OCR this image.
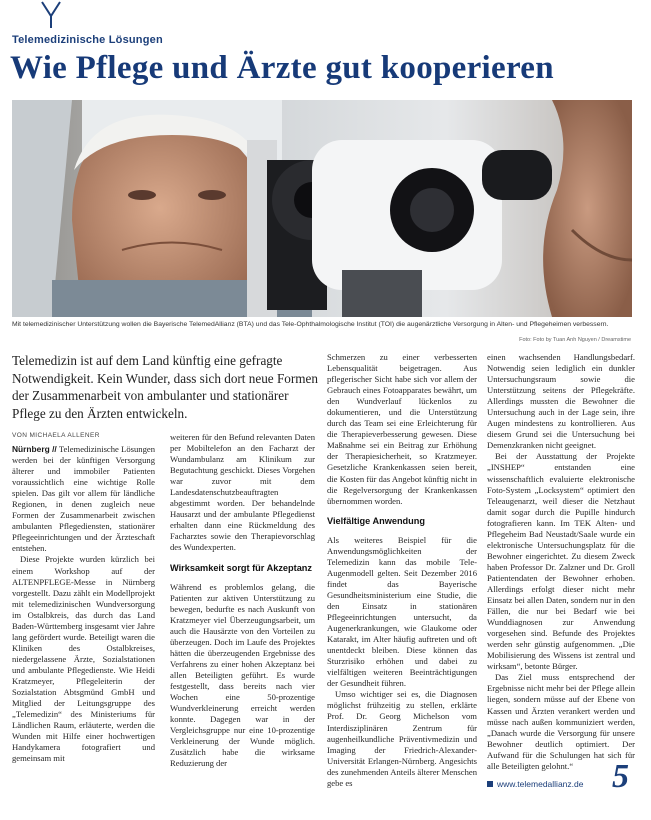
Telemedizinische Lösungen
Wie Pflege und Ärzte gut kooperieren
Mit telemedizinischer Unterstützung wollen die Bayerische TelemedAllianz (BTA) und das Tele-Ophthalmologische Institut (TOI) die augenärztliche Versorgung in Alten- und Pflegeheimen verbessern.
Foto: Foto by Tuan Anh Nguyen / Dreamstime
Telemedizin ist auf dem Land künftig eine gefragte Notwendigkeit. Kein Wunder, dass sich dort neue Formen der Zusammenarbeit von ambulanter und stationärer Pflege zu den Ärzten entwickeln.
VON MICHAELA ALLENER

Nürnberg // Telemedizinische Lösungen werden bei der künftigen Versorgung älterer und immobiler Patienten voraussichtlich eine wichtige Rolle spielen. Das gilt vor allem für ländliche Regionen, in denen zugleich neue Formen der Zusammenarbeit zwischen ambulanten Pflegediensten, stationärer Pflegeeinrichtungen und der Ärzteschaft entstehen.

Diese Projekte wurden kürzlich bei einem Workshop auf der ALTENPFLEGE-Messe in Nürnberg vorgestellt. Dazu zählt ein Modellprojekt mit telemedizinischen Wundversorgung im Ostalbkreis, das durch das Land Baden-Württemberg insgesamt vier Jahre lang gefördert wurde. Beteiligt waren die Kliniken des Ostalbkreises, niedergelassene Ärzte, Sozialstationen und ambulante Pflegedienste. Wie Heidi Kratzmeyer, Pflegeleiterin der Sozialstation Abtsgmünd GmbH und Mitglied der Leitungsgruppe des „Telemedizin“ des Ministeriums für Ländlichen Raum, erläuterte, werden die Wunden mit Hilfe einer hochwertigen Handykamera fotografiert und gemeinsam mit

weiteren für den Befund relevanten Daten per Mobiltelefon an den Facharzt der Wundambulanz am Klinikum zur Begutachtung geschickt. Dieses Vorgehen war zuvor mit dem Landesdatenschutzbeauftragten abgestimmt worden. Der behandelnde Hausarzt und der ambulante Pflegedienst erhalten dann eine Rückmeldung des Facharztes sowie den Therapievorschlag des Wundexperten.

Wirksamkeit sorgt für Akzeptanz

Während es problemlos gelang, die Patienten zur aktiven Unterstützung zu bewegen, bedurfte es nach Auskunft von Kratzmeyer viel Überzeugungsarbeit, um auch die Hausärzte von den Vorteilen zu überzeugen. Doch im Laufe des Projektes hätten die überzeugenden Ergebnisse des Verfahrens zu einer hohen Akzeptanz bei allen Beteiligten geführt. Es wurde festgestellt, dass bereits nach vier Wochen eine 50-prozentige Wundverkleinerung erreicht werden konnte. Dagegen war in der Vergleichsgruppe nur eine 10-prozentige Verkleinerung der Wunde möglich. Zusätzlich habe die wirksame Reduzierung der

Schmerzen zu einer verbesserten Lebensqualität beigetragen. Aus pflegerischer Sicht habe sich vor allem der Gebrauch eines Fotoapparates bewährt, um den Wundverlauf lückenlos zu dokumentieren, und die Unterstützung durch das Team sei eine Erleichterung für die Therapieverbesserung gewesen. Diese Maßnahme sei ein Beitrag zur Erhöhung der Therapiesicherheit, so Kratzmeyer. Gesetzliche Krankenkassen seien bereit, die Kosten für das Angebot künftig nicht in die Regelversorgung der Krankenkassen übernommen worden.

Vielfältige Anwendung

Als weiteres Beispiel für die Anwendungsmöglichkeiten der Telemedizin kann das mobile Tele-Augenmodell gelten. Seit Dezember 2016 findet das Bayerische Gesundheitsministerium eine Studie, die den Einsatz in stationären Pflegeeinrichtungen untersucht, da Augenerkrankungen, wie Glaukome oder Katarakt, im Alter häufig auftreten und oft unentdeckt bleiben. Diese können das Sturzrisiko erhöhen und dabei zu vielfältigen weiteren Beeinträchtigungen der Gesundheit führen.

Umso wichtiger sei es, die Diagnosen möglichst frühzeitig zu stellen, erklärte Prof. Dr. Georg Michelson vom Interdisziplinären Zentrum für augenheilkundliche Präventivmedizin und Imaging der Friedrich-Alexander-Universität Erlangen-Nürnberg. Angesichts des zunehmenden Anteils älterer Menschen gebe es

einen wachsenden Handlungsbedarf. Notwendig seien lediglich ein dunkler Untersuchungsraum sowie die Unterstützung seitens der Pflegekräfte. Allerdings mussten die Bewohner die Untersuchung auch in der Lage sein, ihre Augen mindestens zu kontrollieren. Aus diesem Grund sei die Untersuchung bei Demenzkranken nicht geeignet.

Bei der Ausstattung der Projekte „INSHEP“ entstanden eine wissenschaftlich evaluierte elektronische Foto-System „Locksystem“ optimiert den Teleaugenarzt, weil dieser die Netzhaut damit sogar durch die Pupille hindurch fotografieren kann. Im TEK Alten- und Pflegeheim Bad Neustadt/Saale wurde ein elektronische Untersuchungsplatz für die Bewohner eingerichtet. Zu diesem Zweck haben Professor Dr. Zalzner und Dr. Groll Patientendaten der Bewohner erhoben. Allerdings erfolgt dieser nicht mehr Einsatz bei allen Daten, sondern nur in den Fällen, die nur bei Bedarf wie bei Wunddiagnosen zur Anwendung vorgesehen sind. Befunde des Projektes werden sehr günstig aufgenommen. „Die Mobilisierung des Wissens ist zentral und wirksam“, betonte Bürger.

Das Ziel muss entsprechend der Ergebnisse nicht mehr bei der Pflege allein liegen, sondern müsse auf der Ebene von Kassen und Ärzten verankert werden und müsse nach außen kommuniziert werden, „Danach wurde die Versorgung für unsere Bewohner deutlich optimiert. Der Aufwand für die Schulungen hat sich für alle Beteiligten gelohnt.“

www.telemedallianz.de 5
